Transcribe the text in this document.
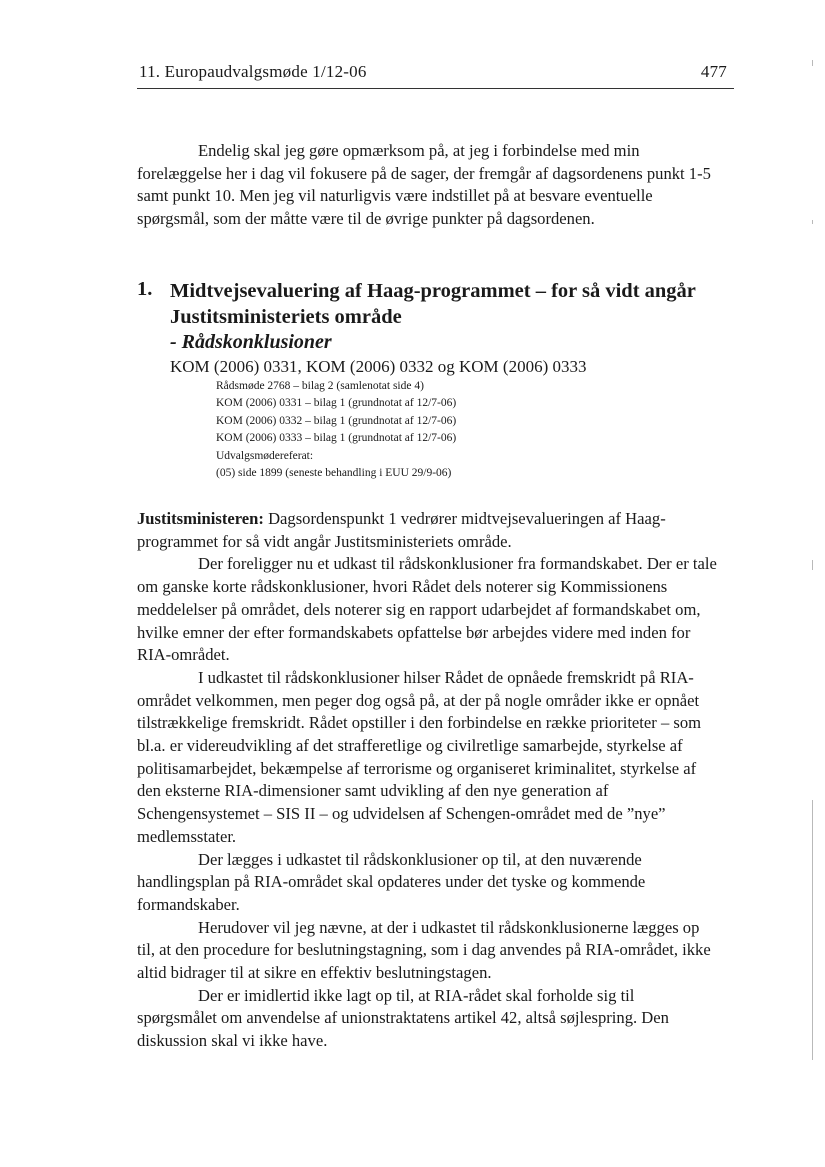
11. Europaudvalgsmøde 1/12-06	477

Endelig skal jeg gøre opmærksom på, at jeg i forbindelse med min forelæggelse her i dag vil fokusere på de sager, der fremgår af dagsordenens punkt 1-5 samt punkt 10. Men jeg vil naturligvis være indstillet på at besvare eventuelle spørgsmål, som der måtte være til de øvrige punkter på dagsordenen.

1. Midtvejsevaluering af Haag-programmet – for så vidt angår Justitsministeriets område
- Rådskonklusioner
KOM (2006) 0331, KOM (2006) 0332 og KOM (2006) 0333
Rådsmøde 2768 – bilag 2 (samlenotat side 4)
KOM (2006) 0331 – bilag 1 (grundnotat af 12/7-06)
KOM (2006) 0332 – bilag 1 (grundnotat af 12/7-06)
KOM (2006) 0333 – bilag 1 (grundnotat af 12/7-06)
Udvalgsmødereferat:
(05) side 1899 (seneste behandling i EUU 29/9-06)

Justitsministeren: Dagsordenspunkt 1 vedrører midtvejsevalueringen af Haag-programmet for så vidt angår Justitsministeriets område.

Der foreligger nu et udkast til rådskonklusioner fra formandskabet. Der er tale om ganske korte rådskonklusioner, hvori Rådet dels noterer sig Kommissionens meddelelser på området, dels noterer sig en rapport udarbejdet af formandskabet om, hvilke emner der efter formandskabets opfattelse bør arbejdes videre med inden for RIA-området.

I udkastet til rådskonklusioner hilser Rådet de opnåede fremskridt på RIA-området velkommen, men peger dog også på, at der på nogle områder ikke er opnået tilstrækkelige fremskridt. Rådet opstiller i den forbindelse en række prioriteter – som bl.a. er videreudvikling af det strafferetlige og civilretlige samarbejde, styrkelse af politisamarbejdet, bekæmpelse af terrorisme og organiseret kriminalitet, styrkelse af den eksterne RIA-dimensioner samt udvikling af den nye generation af Schengensystemet – SIS II – og udvidelsen af Schengen-området med de ”nye” medlemsstater.

Der lægges i udkastet til rådskonklusioner op til, at den nuværende handlingsplan på RIA-området skal opdateres under det tyske og kommende formandskaber.

Herudover vil jeg nævne, at der i udkastet til rådskonklusionerne lægges op til, at den procedure for beslutningstagning, som i dag anvendes på RIA-området, ikke altid bidrager til at sikre en effektiv beslutningstagen.

Der er imidlertid ikke lagt op til, at RIA-rådet skal forholde sig til spørgsmålet om anvendelse af unionstraktatens artikel 42, altså søjlespring. Den diskussion skal vi ikke have.
